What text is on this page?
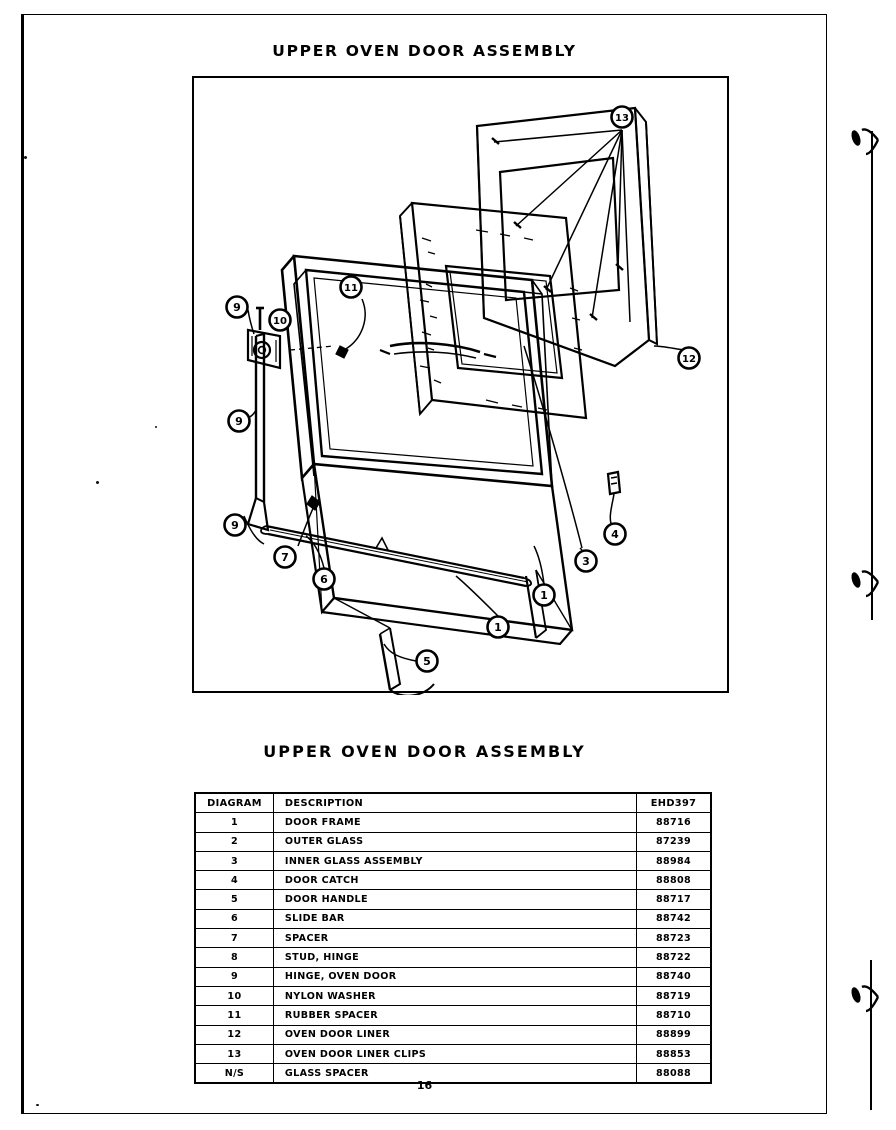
UPPER OVEN DOOR ASSEMBLY
13
12
11
10
9
9
9
7
6
5
3
4
1
1
UPPER OVEN DOOR ASSEMBLY
DIAGRAM	DESCRIPTION	EHD397
1	DOOR FRAME	88716
2	OUTER GLASS	87239
3	INNER GLASS ASSEMBLY	88984
4	DOOR CATCH	88808
5	DOOR HANDLE	88717
6	SLIDE BAR	88742
7	SPACER	88723
8	STUD, HINGE	88722
9	HINGE, OVEN DOOR	88740
10	NYLON WASHER	88719
11	RUBBER SPACER	88710
12	OVEN DOOR LINER	88899
13	OVEN DOOR LINER CLIPS	88853
N/S	GLASS SPACER	88088
16
